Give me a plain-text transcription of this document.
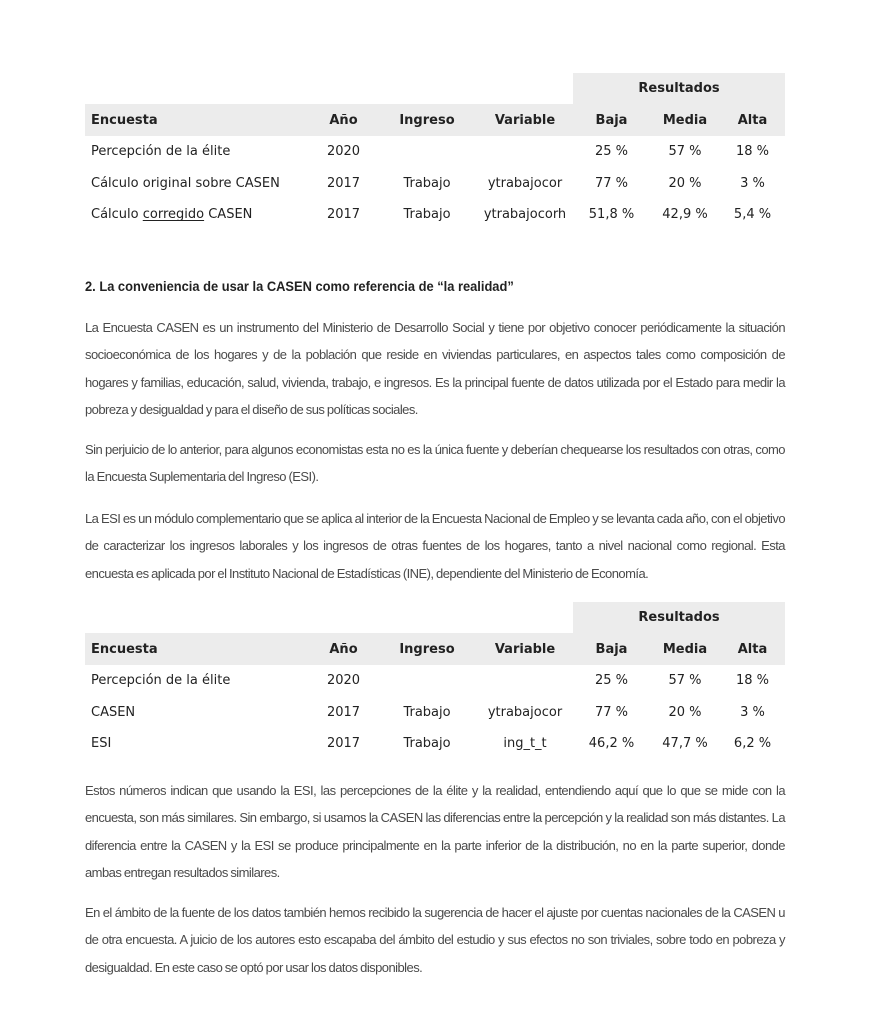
				Resultados		
Encuesta	Año	Ingreso	Variable	Baja	Media	Alta
Percepción de la élite	2020			25 %	57 %	18 %
Cálculo original sobre CASEN	2017	Trabajo	ytrabajocor	77 %	20 %	3 %
Cálculo corregido CASEN	2017	Trabajo	ytrabajocorh	51,8 %	42,9 %	5,4 %
2. La conveniencia de usar la CASEN como referencia de “la realidad”

La Encuesta CASEN es un instrumento del Ministerio de Desarrollo Social y tiene por objetivo conocer periódicamente la situación socioeconómica de los hogares y de la población que reside en viviendas particulares, en aspectos tales como composición de hogares y familias, educación, salud, vivienda, trabajo, e ingresos. Es la principal fuente de datos utilizada por el Estado para medir la pobreza y desigualdad y para el diseño de sus políticas sociales.

Sin perjuicio de lo anterior, para algunos economistas esta no es la única fuente y deberían chequearse los resultados con otras, como la Encuesta Suplementaria del Ingreso (ESI).

La ESI es un módulo complementario que se aplica al interior de la Encuesta Nacional de Empleo y se levanta cada año, con el objetivo de caracterizar los ingresos laborales y los ingresos de otras fuentes de los hogares, tanto a nivel nacional como regional. Esta encuesta es aplicada por el Instituto Nacional de Estadísticas (INE), dependiente del Ministerio de Economía.

				Resultados		
Encuesta	Año	Ingreso	Variable	Baja	Media	Alta
Percepción de la élite	2020			25 %	57 %	18 %
CASEN	2017	Trabajo	ytrabajocor	77 %	20 %	3 %
ESI	2017	Trabajo	ing_t_t	46,2 %	47,7 %	6,2 %

Estos números indican que usando la ESI, las percepciones de la élite y la realidad, entendiendo aquí que lo que se mide con la encuesta, son más similares. Sin embargo, si usamos la CASEN las diferencias entre la percepción y la realidad son más distantes. La diferencia entre la CASEN y la ESI se produce principalmente en la parte inferior de la distribución, no en la parte superior, donde ambas entregan resultados similares.

En el ámbito de la fuente de los datos también hemos recibido la sugerencia de hacer el ajuste por cuentas nacionales de la CASEN u de otra encuesta. A juicio de los autores esto escapaba del ámbito del estudio y sus efectos no son triviales, sobre todo en pobreza y desigualdad. En este caso se optó por usar los datos disponibles.
